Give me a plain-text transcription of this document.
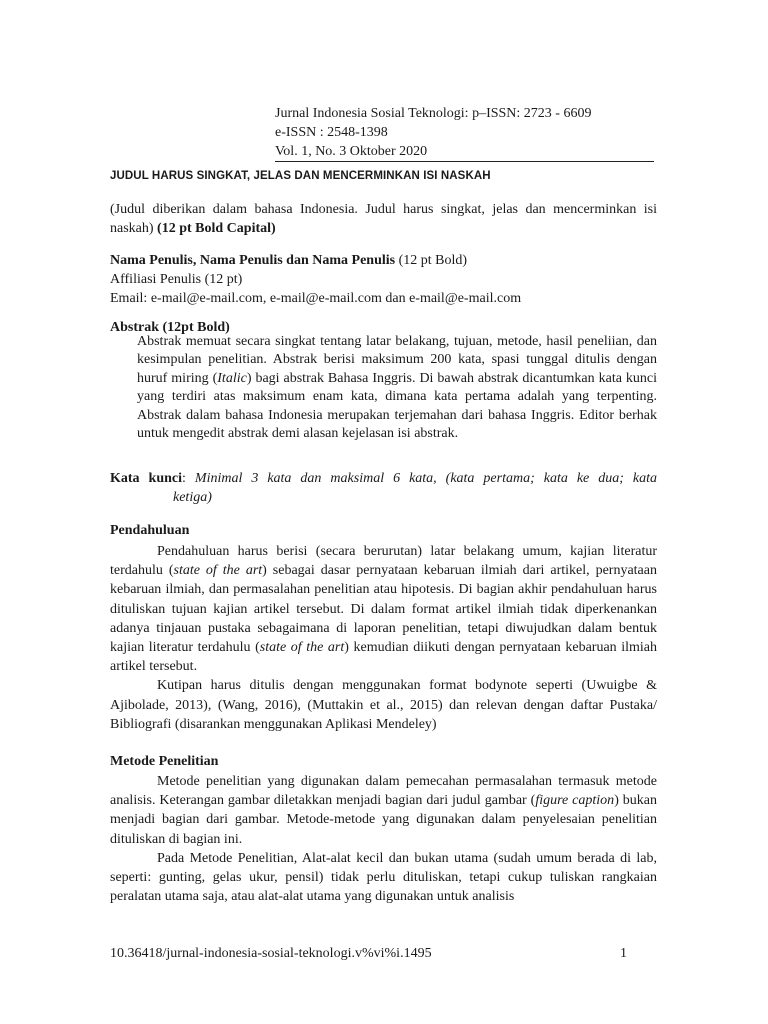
Jurnal Indonesia Sosial Teknologi: p–ISSN: 2723 - 6609
e-ISSN : 2548-1398
Vol. 1, No. 3 Oktober 2020
JUDUL HARUS SINGKAT, JELAS DAN MENCERMINKAN ISI NASKAH
(Judul diberikan dalam bahasa Indonesia. Judul harus singkat, jelas dan mencerminkan isi naskah) (12 pt Bold Capital)
Nama Penulis, Nama Penulis dan Nama Penulis (12 pt Bold)
Affiliasi Penulis (12 pt)
Email: e-mail@e-mail.com, e-mail@e-mail.com dan e-mail@e-mail.com
Abstrak (12pt Bold)
Abstrak memuat secara singkat tentang latar belakang, tujuan, metode, hasil peneliian, dan kesimpulan penelitian. Abstrak berisi maksimum 200 kata, spasi tunggal ditulis dengan huruf miring (Italic) bagi abstrak Bahasa Inggris. Di bawah abstrak dicantumkan kata kunci yang terdiri atas maksimum enam kata, dimana kata pertama adalah yang terpenting. Abstrak dalam bahasa Indonesia merupakan terjemahan dari bahasa Inggris. Editor berhak untuk mengedit abstrak demi alasan kejelasan isi abstrak.
Kata kunci: Minimal 3 kata dan maksimal 6 kata, (kata pertama; kata ke dua; kata
ketiga)
Pendahuluan

Pendahuluan harus berisi (secara berurutan) latar belakang umum, kajian literatur terdahulu (state of the art) sebagai dasar pernyataan kebaruan ilmiah dari artikel, pernyataan kebaruan ilmiah, dan permasalahan penelitian atau hipotesis. Di bagian akhir pendahuluan harus dituliskan tujuan kajian artikel tersebut. Di dalam format artikel ilmiah tidak diperkenankan adanya tinjauan pustaka sebagaimana di laporan penelitian, tetapi diwujudkan dalam bentuk kajian literatur terdahulu (state of the art) kemudian diikuti dengan pernyataan kebaruan ilmiah artikel tersebut.

Kutipan harus ditulis dengan menggunakan format bodynote seperti (Uwuigbe & Ajibolade, 2013), (Wang, 2016), (Muttakin et al., 2015) dan relevan dengan daftar Pustaka/ Bibliografi (disarankan menggunakan Aplikasi Mendeley)

Metode Penelitian

Metode penelitian yang digunakan dalam pemecahan permasalahan termasuk metode analisis. Keterangan gambar diletakkan menjadi bagian dari judul gambar (figure caption) bukan menjadi bagian dari gambar. Metode-metode yang digunakan dalam penyelesaian penelitian dituliskan di bagian ini.

Pada Metode Penelitian, Alat-alat kecil dan bukan utama (sudah umum berada di lab, seperti: gunting, gelas ukur, pensil) tidak perlu dituliskan, tetapi cukup tuliskan rangkaian peralatan utama saja, atau alat-alat utama yang digunakan untuk analisis

10.36418/jurnal-indonesia-sosial-teknologi.v%vi%i.1495	1
